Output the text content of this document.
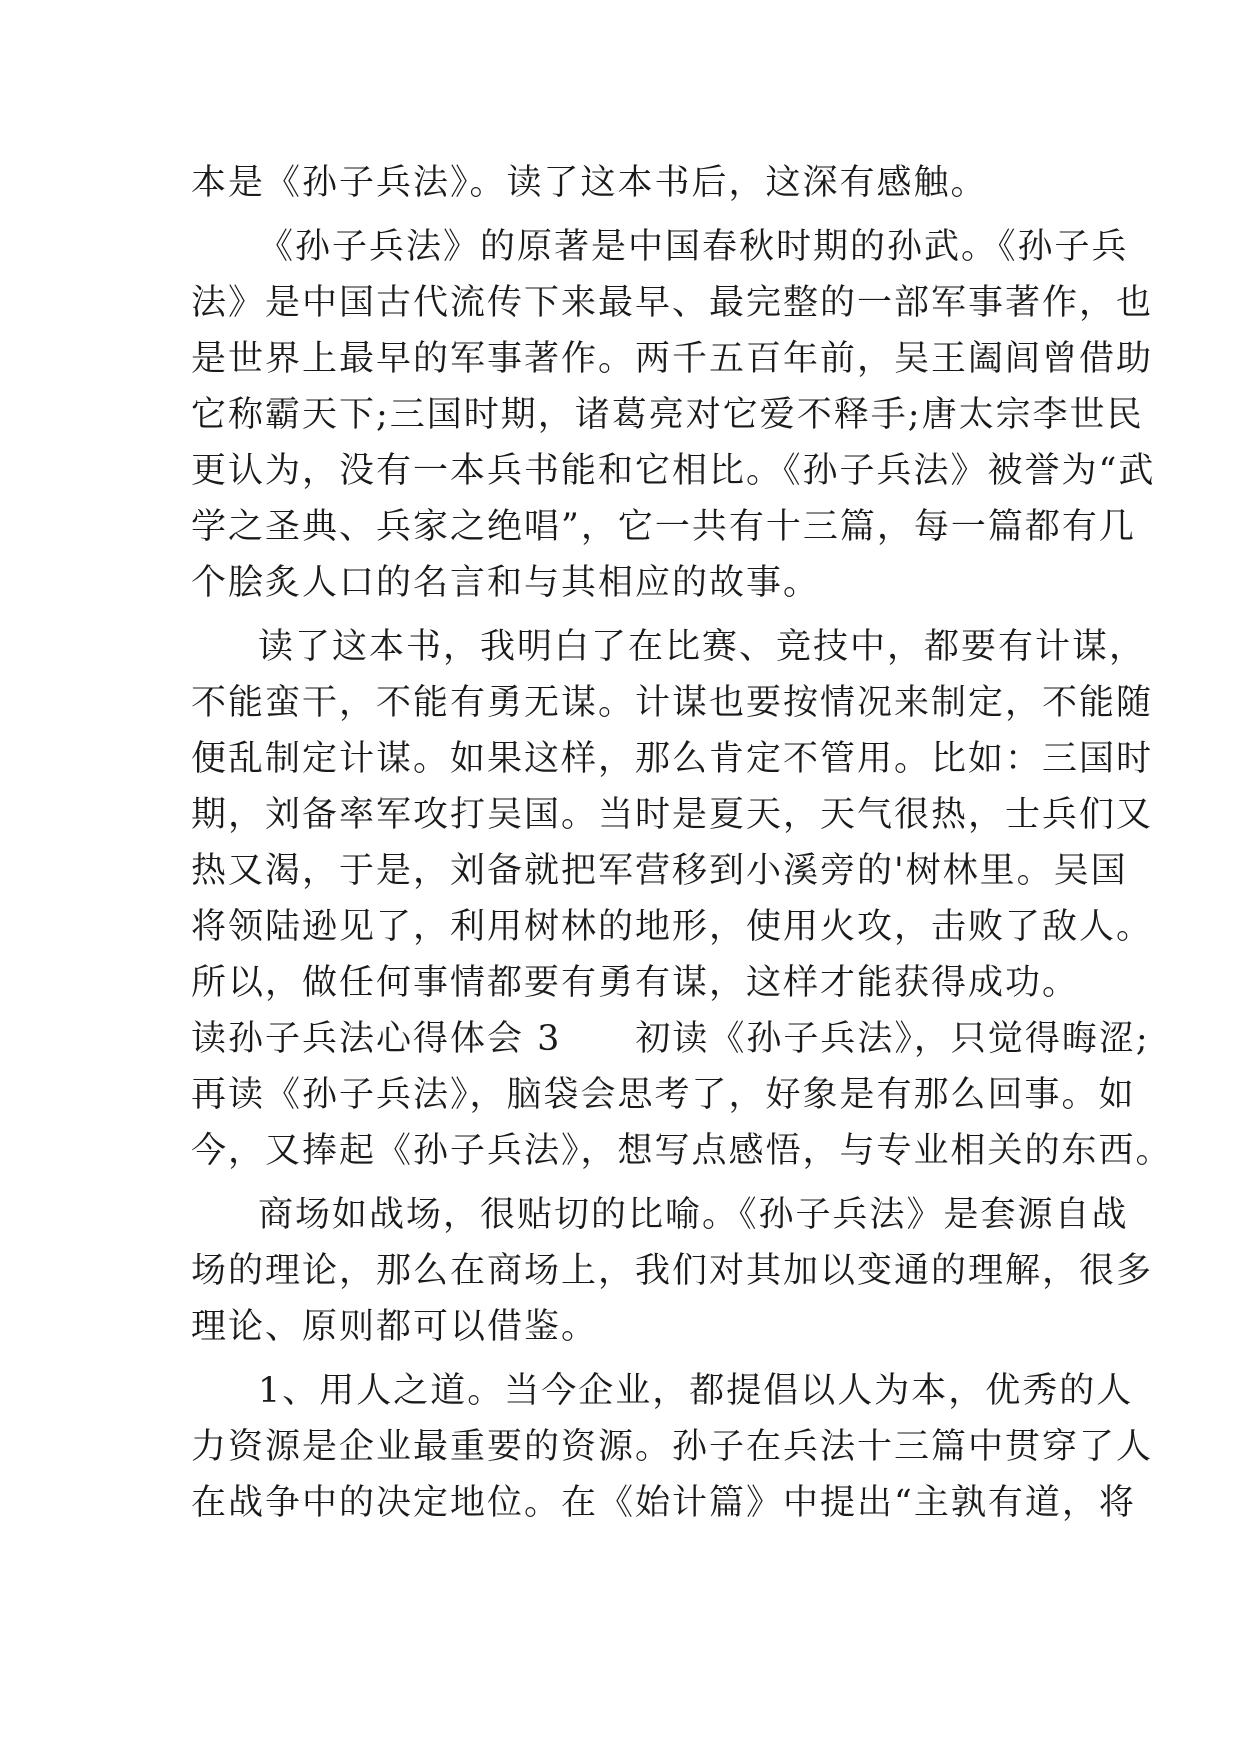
本是《孙子兵法》。读了这本书后，这深有感触。
《孙子兵法》的原著是中国春秋时期的孙武。《孙子兵
法》是中国古代流传下来最早、最完整的一部军事著作，也
是世界上最早的军事著作。两千五百年前，吴王阖闾曾借助
它称霸天下;三国时期，诸葛亮对它爱不释手;唐太宗李世民
更认为，没有一本兵书能和它相比。《孙子兵法》被誉为“武
学之圣典、兵家之绝唱”，它一共有十三篇，每一篇都有几
个脍炙人口的名言和与其相应的故事。
读了这本书，我明白了在比赛、竞技中，都要有计谋，
不能蛮干，不能有勇无谋。计谋也要按情况来制定，不能随
便乱制定计谋。如果这样，那么肯定不管用。比如：三国时
期，刘备率军攻打吴国。当时是夏天，天气很热，士兵们又
热又渴，于是，刘备就把军营移到小溪旁的'树林里。吴国
将领陆逊见了，利用树林的地形，使用火攻，击败了敌人。
所以，做任何事情都要有勇有谋，这样才能获得成功。
读孙子兵法心得体会 3　　初读《孙子兵法》，只觉得晦涩;
再读《孙子兵法》，脑袋会思考了，好象是有那么回事。如
今，又捧起《孙子兵法》，想写点感悟，与专业相关的东西。
商场如战场，很贴切的比喻。《孙子兵法》是套源自战
场的理论，那么在商场上，我们对其加以变通的理解，很多
理论、原则都可以借鉴。
1、用人之道。当今企业，都提倡以人为本，优秀的人
力资源是企业最重要的资源。孙子在兵法十三篇中贯穿了人
在战争中的决定地位。在《始计篇》中提出“主孰有道，将
